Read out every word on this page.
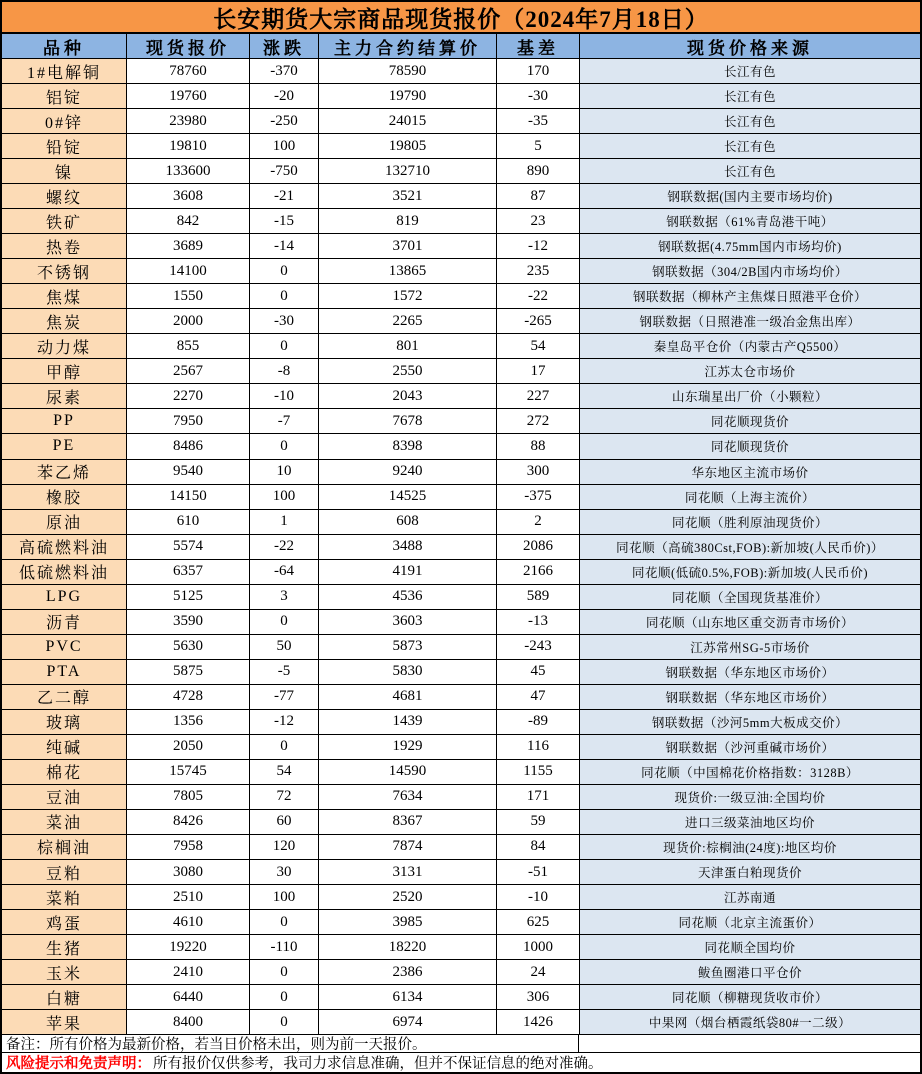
长安期货大宗商品现货报价（2024年7月18日）
品种	现货报价	涨跌	主力合约结算价	基差	现货价格来源
1#电解铜	78760	-370	78590	170	长江有色
铝锭	19760	-20	19790	-30	长江有色
0#锌	23980	-250	24015	-35	长江有色
铅锭	19810	100	19805	5	长江有色
镍	133600	-750	132710	890	长江有色
螺纹	3608	-21	3521	87	钢联数据(国内主要市场均价)
铁矿	842	-15	819	23	钢联数据（61%青岛港干吨）
热卷	3689	-14	3701	-12	钢联数据(4.75mm国内市场均价)
不锈钢	14100	0	13865	235	钢联数据（304/2B国内市场均价）
焦煤	1550	0	1572	-22	钢联数据（柳林产主焦煤日照港平仓价）
焦炭	2000	-30	2265	-265	钢联数据（日照港准一级冶金焦出库）
动力煤	855	0	801	54	秦皇岛平仓价（内蒙古产Q5500）
甲醇	2567	-8	2550	17	江苏太仓市场价
尿素	2270	-10	2043	227	山东瑞星出厂价（小颗粒）
PP	7950	-7	7678	272	同花顺现货价
PE	8486	0	8398	88	同花顺现货价
苯乙烯	9540	10	9240	300	华东地区主流市场价
橡胶	14150	100	14525	-375	同花顺（上海主流价）
原油	610	1	608	2	同花顺（胜利原油现货价）
高硫燃料油	5574	-22	3488	2086	同花顺（高硫380Cst,FOB):新加坡(人民币价)）
低硫燃料油	6357	-64	4191	2166	同花顺(低硫0.5%,FOB):新加坡(人民币价)
LPG	5125	3	4536	589	同花顺（全国现货基准价）
沥青	3590	0	3603	-13	同花顺（山东地区重交沥青市场价）
PVC	5630	50	5873	-243	江苏常州SG-5市场价
PTA	5875	-5	5830	45	钢联数据（华东地区市场价）
乙二醇	4728	-77	4681	47	钢联数据（华东地区市场价）
玻璃	1356	-12	1439	-89	钢联数据（沙河5mm大板成交价）
纯碱	2050	0	1929	116	钢联数据（沙河重碱市场价）
棉花	15745	54	14590	1155	同花顺（中国棉花价格指数：3128B）
豆油	7805	72	7634	171	现货价:一级豆油:全国均价
菜油	8426	60	8367	59	进口三级菜油地区均价
棕榈油	7958	120	7874	84	现货价:棕榈油(24度):地区均价
豆粕	3080	30	3131	-51	天津蛋白粕现货价
菜粕	2510	100	2520	-10	江苏南通
鸡蛋	4610	0	3985	625	同花顺（北京主流蛋价）
生猪	19220	-110	18220	1000	同花顺全国均价
玉米	2410	0	2386	24	鲅鱼圈港口平仓价
白糖	6440	0	6134	306	同花顺（柳糖现货收市价）
苹果	8400	0	6974	1426	中果网（烟台栖霞纸袋80#一二级）
备注：所有价格为最新价格，若当日价格未出，则为前一天报价。
风险提示和免责声明： 所有报价仅供参考，我司力求信息准确，但并不保证信息的绝对准确。
